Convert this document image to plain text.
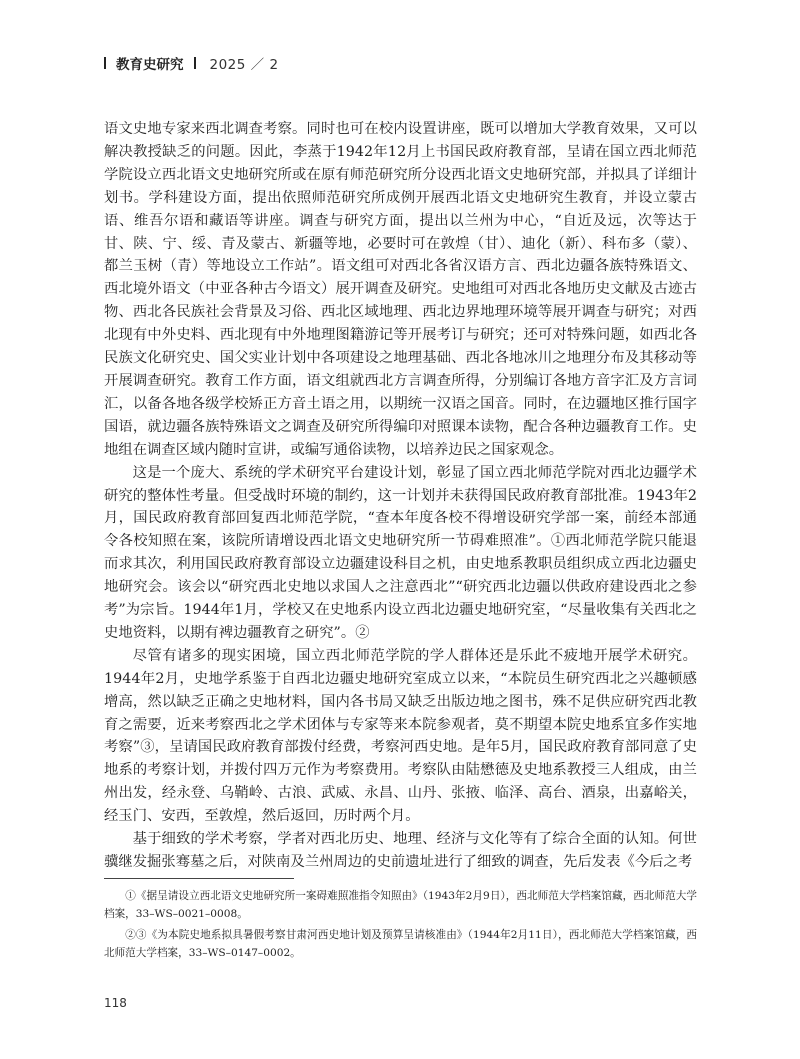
教育史研究 2025 ／ 2

语文史地专家来西北调查考察。同时也可在校内设置讲座，既可以增加大学教育效果，又可以解决教授缺乏的问题。因此，李蒸于1942年12月上书国民政府教育部，呈请在国立西北师范学院设立西北语文史地研究所或在原有师范研究所分设西北语文史地研究部，并拟具了详细计划书。学科建设方面，提出依照师范研究所成例开展西北语文史地研究生教育，并设立蒙古语、维吾尔语和藏语等讲座。调查与研究方面，提出以兰州为中心，“自近及远，次等达于甘、陕、宁、绥、青及蒙古、新疆等地，必要时可在敦煌（甘）、迪化（新）、科布多（蒙）、都兰玉树（青）等地设立工作站”。语文组可对西北各省汉语方言、西北边疆各族特殊语文、西北境外语文（中亚各种古今语文）展开调查及研究。史地组可对西北各地历史文献及古迹古物、西北各民族社会背景及习俗、西北区域地理、西北边界地理环境等展开调查与研究；对西北现有中外史料、西北现有中外地理图籍游记等开展考订与研究；还可对特殊问题，如西北各民族文化研究史、国父实业计划中各项建设之地理基础、西北各地冰川之地理分布及其移动等开展调查研究。教育工作方面，语文组就西北方言调查所得，分别编订各地方音字汇及方言词汇，以备各地各级学校矫正方音土语之用，以期统一汉语之国音。同时，在边疆地区推行国字国语，就边疆各族特殊语文之调查及研究所得编印对照课本读物，配合各种边疆教育工作。史地组在调查区域内随时宣讲，或编写通俗读物，以培养边民之国家观念。

这是一个庞大、系统的学术研究平台建设计划，彰显了国立西北师范学院对西北边疆学术研究的整体性考量。但受战时环境的制约，这一计划并未获得国民政府教育部批准。1943年2月，国民政府教育部回复西北师范学院，“查本年度各校不得增设研究学部一案，前经本部通令各校知照在案，该院所请增设西北语文史地研究所一节碍难照准”。①西北师范学院只能退而求其次，利用国民政府教育部设立边疆建设科目之机，由史地系教职员组织成立西北边疆史地研究会。该会以“研究西北史地以求国人之注意西北”“研究西北边疆以供政府建设西北之参考”为宗旨。1944年1月，学校又在史地系内设立西北边疆史地研究室，“尽量收集有关西北之史地资料，以期有裨边疆教育之研究”。②

尽管有诸多的现实困境，国立西北师范学院的学人群体还是乐此不疲地开展学术研究。1944年2月，史地学系鉴于自西北边疆史地研究室成立以来，“本院员生研究西北之兴趣顿感增高，然以缺乏正确之史地材料，国内各书局又缺乏出版边地之图书，殊不足供应研究西北教育之需要，近来考察西北之学术团体与专家等来本院参观者，莫不期望本院史地系宜多作实地考察”③，呈请国民政府教育部拨付经费，考察河西史地。是年5月，国民政府教育部同意了史地系的考察计划，并拨付四万元作为考察费用。考察队由陆懋德及史地系教授三人组成，由兰州出发，经永登、乌鞘岭、古浪、武威、永昌、山丹、张掖、临泽、高台、酒泉，出嘉峪关，经玉门、安西，至敦煌，然后返回，历时两个月。

基于细致的学术考察，学者对西北历史、地理、经济与文化等有了综合全面的认知。何世骥继发掘张骞墓之后，对陕南及兰州周边的史前遗址进行了细致的调查，先后发表《今后之考

①《据呈请设立西北语文史地研究所一案碍难照准指令知照由》（1943年2月9日），西北师范大学档案馆藏，西北师范大学档案，33–WS–0021–0008。

②③《为本院史地系拟具暑假考察甘肃河西史地计划及预算呈请核准由》（1944年2月11日），西北师范大学档案馆藏，西北师范大学档案，33–WS–0147–0002。

118
